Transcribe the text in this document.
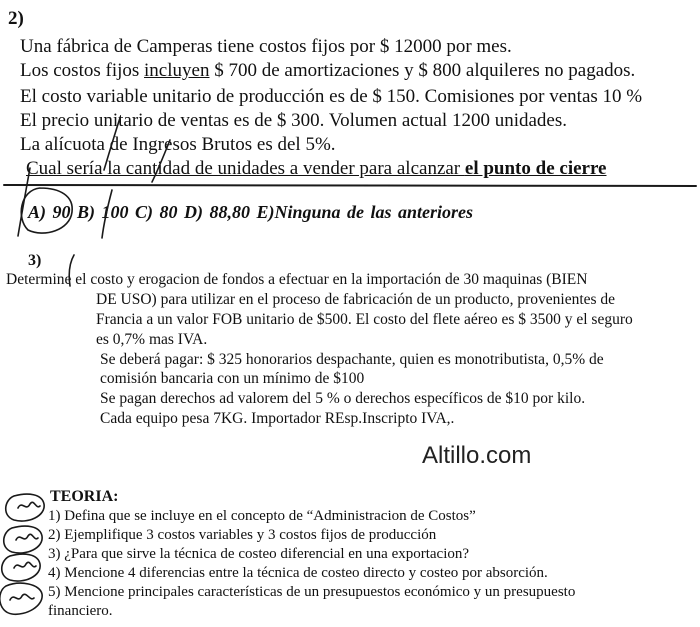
2)
Una fábrica de Camperas tiene costos fijos por $ 12000 por mes.
Los costos fijos incluyen $ 700 de amortizaciones y $ 800 alquileres no pagados.
El costo variable unitario de producción es de $ 150. Comisiones por ventas 10 %
El precio unitario de ventas es de $ 300. Volumen actual 1200 unidades.
La alícuota de Ingresos Brutos es del 5%.
Cual sería la cantidad de unidades a vender para alcanzar el punto de cierre
A) 90 B) 100 C) 80 D) 88,80 E)Ninguna de las anteriores
3)
Determine el costo y erogacion de fondos a efectuar en la importación de 30 maquinas (BIEN
DE USO) para utilizar en el proceso de fabricación de un producto, provenientes de
Francia a un valor FOB unitario de $500. El costo del flete aéreo es $ 3500 y el seguro
es 0,7% mas IVA.
Se deberá pagar: $ 325 honorarios despachante, quien es monotributista, 0,5% de
comisión bancaria con un mínimo de $100
Se pagan derechos ad valorem del 5 % o derechos específicos de $10 por kilo.
Cada equipo pesa 7KG. Importador REsp.Inscripto IVA,.
Altillo.com
TEORIA:
1) Defina que se incluye en el concepto de “Administracion de Costos”
2) Ejemplifique 3 costos variables y 3 costos fijos de producción
3) ¿Para que sirve la técnica de costeo diferencial en una exportacion?
4) Mencione 4 diferencias entre la técnica de costeo directo y costeo por absorción.
5) Mencione principales características de un presupuestos económico y un presupuesto
financiero.
